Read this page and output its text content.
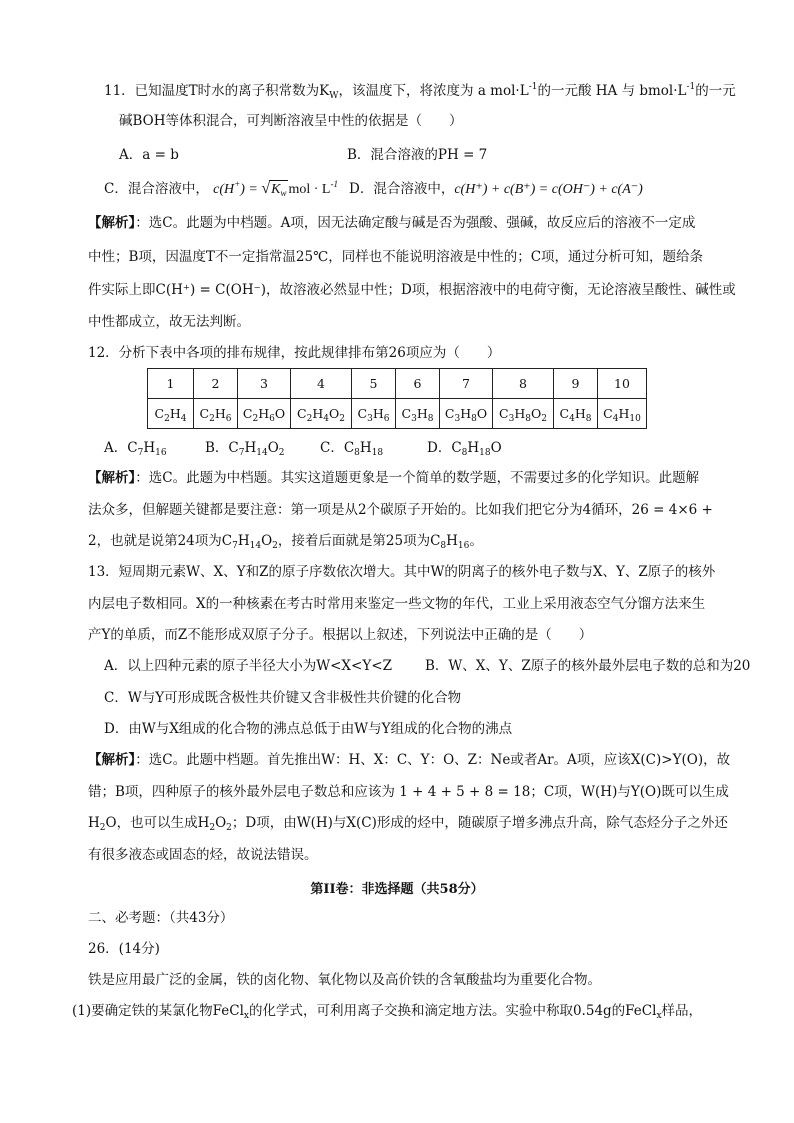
11．已知温度T时水的离子积常数为$K_W$，该温度下，将浓度为 a $mol\cdot L^{-1}$的一元酸 HA 与 $bmol\cdot L^{-1}$的一元
碱BOH等体积混合，可判断溶液呈中性的依据是（　　）
A．a = b	B．混合溶液的PH = 7
C．混合溶液中， $c(H^+) = √K_w$ mol · $L^{-1}$ D．混合溶液中，c(H⁺) + c(B⁺) = c(OH⁻) + c(A⁻)
【解析】：选C。此题为中档题。A项，因无法确定酸与碱是否为强酸、强碱，故反应后的溶液不一定成
中性；B项，因温度T不一定指常温25℃，同样也不能说明溶液是中性的；C项，通过分析可知，题给条
件实际上即C(H⁺) = C(OH⁻)，故溶液必然显中性；D项，根据溶液中的电荷守衡，无论溶液呈酸性、碱性或
中性都成立，故无法判断。
12．分析下表中各项的排布规律，按此规律排布第26项应为（　　）
1	2	3	4	5	6	7	8	9	10
$C_2H_4$	$C_2H_6$	$C_2H_6O$	$C_2H_4O_2$	$C_3H_6$	$C_3H_8$	$C_3H_8O$	$C_3H_8O_2$	$C_4H_8$	$C_4H_{10}$
A．$C_7H_{16}$	B．$C_7H_{14}O_2$	C．$C_8H_{18}$	D．$C_8H_{18}O$
【解析】：选C。此题为中档题。其实这道题更象是一个简单的数学题，不需要过多的化学知识。此题解
法众多，但解题关键都是要注意：第一项是从2个碳原子开始的。比如我们把它分为4循环，26 = 4×6 +
2，也就是说第24项为$C_7H_{14}O_2$，接着后面就是第25项为$C_8H_{16}$。
13．短周期元素W、X、Y和Z的原子序数依次增大。其中W的阴离子的核外电子数与X、Y、Z原子的核外
内层电子数相同。X的一种核素在考古时常用来鉴定一些文物的年代，工业上采用液态空气分馏方法来生
产Y的单质，而Z不能形成双原子分子。根据以上叙述，下列说法中正确的是（　　）
A．以上四种元素的原子半径大小为W<X<Y<Z B．W、X、Y、Z原子的核外最外层电子数的总和为20
C．W与Y可形成既含极性共价键又含非极性共价键的化合物
D．由W与X组成的化合物的沸点总低于由W与Y组成的化合物的沸点
【解析】：选C。此题中档题。首先推出W：H、X：C、Y：O、Z：Ne或者Ar。A项，应该X(C)>Y(O)，故
错；B项，四种原子的核外最外层电子数总和应该为 1 + 4 + 5 + 8 = 18；C项，W(H)与Y(O)既可以生成
$H_2O$，也可以生成$H_2O_2$；D项，由W(H)与X(C)形成的烃中，随碳原子增多沸点升高，除气态烃分子之外还
有很多液态或固态的烃，故说法错误。
第II卷：非选择题（共58分）
二、必考题：（共43分）
26．(14分)
铁是应用最广泛的金属，铁的卤化物、氧化物以及高价铁的含氧酸盐均为重要化合物。
(1)要确定铁的某氯化物FeCl$_x$的化学式，可利用离子交换和滴定地方法。实验中称取0.54g的FeCl$_x$样品，
